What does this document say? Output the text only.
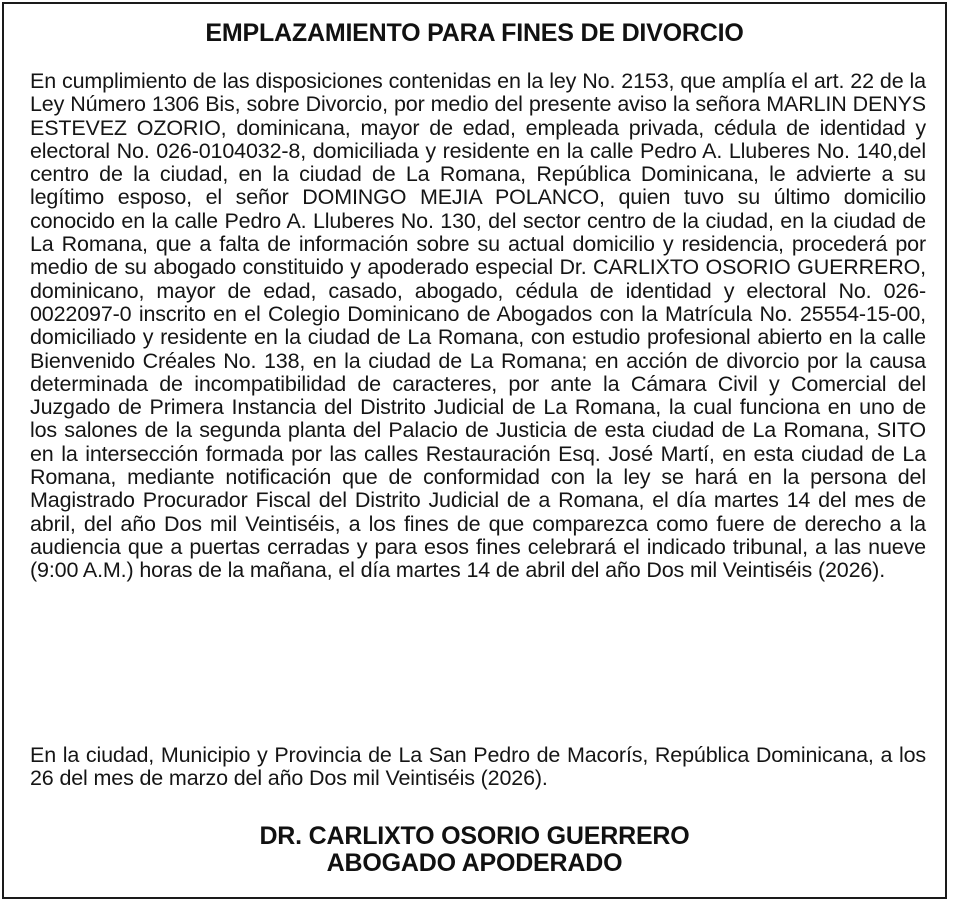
EMPLAZAMIENTO PARA FINES DE DIVORCIO

En cumplimiento de las disposiciones contenidas en la ley No. 2153, que amplía el art. 22 de la Ley Número 1306 Bis, sobre Divorcio, por medio del presente aviso la señora MARLIN DENYS ESTEVEZ OZORIO, dominicana, mayor de edad, empleada privada, cédula de identidad y electoral No. 026-0104032-8, domiciliada y residente en la calle Pedro A. Lluberes No. 140,del centro de la ciudad, en la ciudad de La Romana, República Dominicana, le advierte a su legítimo esposo, el señor DOMINGO MEJIA POLANCO, quien tuvo su último domicilio conocido en la calle Pedro A. Lluberes No. 130, del sector centro de la ciudad, en la ciudad de La Romana, que a falta de información sobre su actual domicilio y residencia, procederá por medio de su abogado constituido y apoderado especial Dr. CARLIXTO OSORIO GUERRERO, dominicano, mayor de edad, casado, abogado, cédula de identidad y electoral No. 026-0022097-0 inscrito en el Colegio Dominicano de Abogados con la Matrícula No. 25554-15-00, domiciliado y residente en la ciudad de La Romana, con estudio profesional abierto en la calle Bienvenido Créales No. 138, en la ciudad de La Romana; en acción de divorcio por la causa determinada de incompatibilidad de caracteres, por ante la Cámara Civil y Comercial del Juzgado de Primera Instancia del Distrito Judicial de La Romana, la cual funciona en uno de los salones de la segunda planta del Palacio de Justicia de esta ciudad de La Romana, SITO en la intersección formada por las calles Restauración Esq. José Martí, en esta ciudad de La Romana, mediante notificación que de conformidad con la ley se hará en la persona del Magistrado Procurador Fiscal del Distrito Judicial de a Romana, el día martes 14 del mes de abril, del año Dos mil Veintiséis, a los fines de que comparezca como fuere de derecho a la audiencia que a puertas cerradas y para esos fines celebrará el indicado tribunal, a las nueve (9:00 A.M.) horas de la mañana, el día martes 14 de abril del año Dos mil Veintiséis (2026).

En la ciudad, Municipio y Provincia de La San Pedro de Macorís, República Dominicana, a los 26 del mes de marzo del año Dos mil Veintiséis (2026).

DR. CARLIXTO OSORIO GUERRERO
ABOGADO APODERADO
